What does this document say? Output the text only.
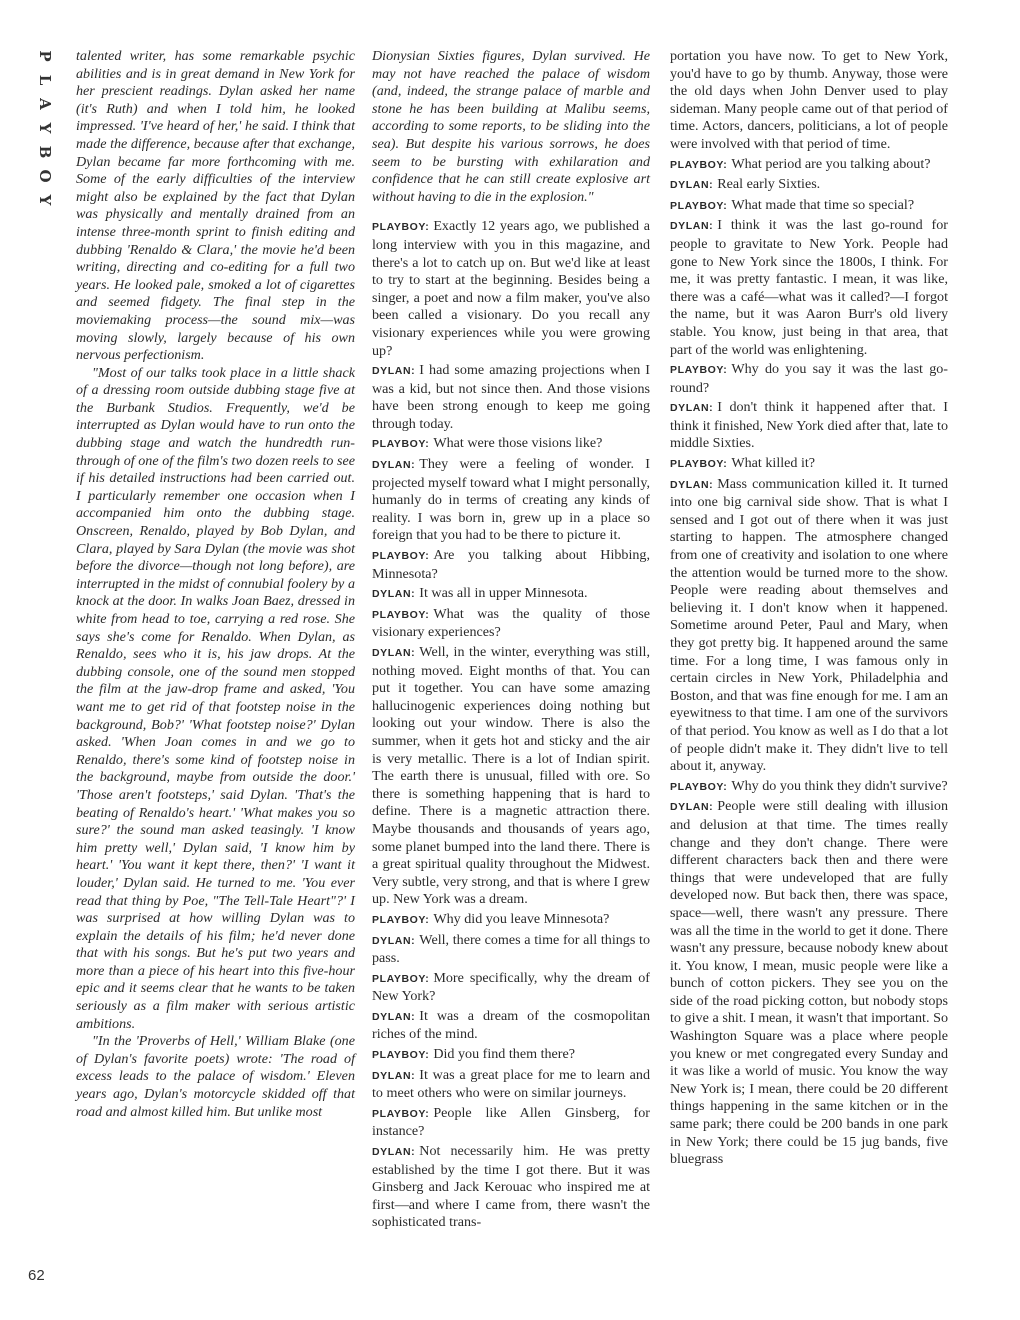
P
L
A
Y
B
O
Y
62

talented writer, has some remarkable psychic abilities and is in great demand in New York for her prescient readings. Dylan asked her name (it's Ruth) and when I told him, he looked impressed. 'I've heard of her,' he said. I think that made the difference, because after that exchange, Dylan became far more forthcoming with me. Some of the early difficulties of the interview might also be explained by the fact that Dylan was physically and mentally drained from an intense three-month sprint to finish editing and dubbing 'Renaldo & Clara,' the movie he'd been writing, directing and co-editing for a full two years. He looked pale, smoked a lot of cigarettes and seemed fidgety. The final step in the moviemaking process—the sound mix—was moving slowly, largely because of his own nervous perfectionism.

"Most of our talks took place in a little shack of a dressing room outside dubbing stage five at the Burbank Studios. Frequently, we'd be interrupted as Dylan would have to run onto the dubbing stage and watch the hundredth run-through of one of the film's two dozen reels to see if his detailed instructions had been carried out. I particularly remember one occasion when I accompanied him onto the dubbing stage. Onscreen, Renaldo, played by Bob Dylan, and Clara, played by Sara Dylan (the movie was shot before the divorce—though not long before), are interrupted in the midst of connubial foolery by a knock at the door. In walks Joan Baez, dressed in white from head to toe, carrying a red rose. She says she's come for Renaldo. When Dylan, as Renaldo, sees who it is, his jaw drops. At the dubbing console, one of the sound men stopped the film at the jaw-drop frame and asked, 'You want me to get rid of that footstep noise in the background, Bob?' 'What footstep noise?' Dylan asked. 'When Joan comes in and we go to Renaldo, there's some kind of footstep noise in the background, maybe from outside the door.' 'Those aren't footsteps,' said Dylan. 'That's the beating of Renaldo's heart.' 'What makes you so sure?' the sound man asked teasingly. 'I know him pretty well,' Dylan said, 'I know him by heart.' 'You want it kept there, then?' 'I want it louder,' Dylan said. He turned to me. 'You ever read that thing by Poe, "The Tell-Tale Heart"?' I was surprised at how willing Dylan was to explain the details of his film; he'd never done that with his songs. But he's put two years and more than a piece of his heart into this five-hour epic and it seems clear that he wants to be taken seriously as a film maker with serious artistic ambitions.

"In the 'Proverbs of Hell,' William Blake (one of Dylan's favorite poets) wrote: 'The road of excess leads to the palace of wisdom.' Eleven years ago, Dylan's motorcycle skidded off that road and almost killed him. But unlike most

Dionysian Sixties figures, Dylan survived. He may not have reached the palace of wisdom (and, indeed, the strange palace of marble and stone he has been building at Malibu seems, according to some reports, to be sliding into the sea). But despite his various sorrows, he does seem to be bursting with exhilaration and confidence that he can still create explosive art without having to die in the explosion."

PLAYBOY: Exactly 12 years ago, we published a long interview with you in this magazine, and there's a lot to catch up on. But we'd like at least to try to start at the beginning. Besides being a singer, a poet and now a film maker, you've also been called a visionary. Do you recall any visionary experiences while you were growing up?

DYLAN: I had some amazing projections when I was a kid, but not since then. And those visions have been strong enough to keep me going through today.

PLAYBOY: What were those visions like?

DYLAN: They were a feeling of wonder. I projected myself toward what I might personally, humanly do in terms of creating any kinds of reality. I was born in, grew up in a place so foreign that you had to be there to picture it.

PLAYBOY: Are you talking about Hibbing, Minnesota?

DYLAN: It was all in upper Minnesota.

PLAYBOY: What was the quality of those visionary experiences?

DYLAN: Well, in the winter, everything was still, nothing moved. Eight months of that. You can put it together. You can have some amazing hallucinogenic experiences doing nothing but looking out your window. There is also the summer, when it gets hot and sticky and the air is very metallic. There is a lot of Indian spirit. The earth there is unusual, filled with ore. So there is something happening that is hard to define. There is a magnetic attraction there. Maybe thousands and thousands of years ago, some planet bumped into the land there. There is a great spiritual quality throughout the Midwest. Very subtle, very strong, and that is where I grew up. New York was a dream.

PLAYBOY: Why did you leave Minnesota?

DYLAN: Well, there comes a time for all things to pass.

PLAYBOY: More specifically, why the dream of New York?

DYLAN: It was a dream of the cosmopolitan riches of the mind.

PLAYBOY: Did you find them there?

DYLAN: It was a great place for me to learn and to meet others who were on similar journeys.

PLAYBOY: People like Allen Ginsberg, for instance?

DYLAN: Not necessarily him. He was pretty established by the time I got there. But it was Ginsberg and Jack Kerouac who inspired me at first—and where I came from, there wasn't the sophisticated trans-

portation you have now. To get to New York, you'd have to go by thumb. Anyway, those were the old days when John Denver used to play sideman. Many people came out of that period of time. Actors, dancers, politicians, a lot of people were involved with that period of time.

PLAYBOY: What period are you talking about?

DYLAN: Real early Sixties.

PLAYBOY: What made that time so special?

DYLAN: I think it was the last go-round for people to gravitate to New York. People had gone to New York since the 1800s, I think. For me, it was pretty fantastic. I mean, it was like, there was a café—what was it called?—I forgot the name, but it was Aaron Burr's old livery stable. You know, just being in that area, that part of the world was enlightening.

PLAYBOY: Why do you say it was the last go-round?

DYLAN: I don't think it happened after that. I think it finished, New York died after that, late to middle Sixties.

PLAYBOY: What killed it?

DYLAN: Mass communication killed it. It turned into one big carnival side show. That is what I sensed and I got out of there when it was just starting to happen. The atmosphere changed from one of creativity and isolation to one where the attention would be turned more to the show. People were reading about themselves and believing it. I don't know when it happened. Sometime around Peter, Paul and Mary, when they got pretty big. It happened around the same time. For a long time, I was famous only in certain circles in New York, Philadelphia and Boston, and that was fine enough for me. I am an eyewitness to that time. I am one of the survivors of that period. You know as well as I do that a lot of people didn't make it. They didn't live to tell about it, anyway.

PLAYBOY: Why do you think they didn't survive?

DYLAN: People were still dealing with illusion and delusion at that time. The times really change and they don't change. There were different characters back then and there were things that were undeveloped that are fully developed now. But back then, there was space, space—well, there wasn't any pressure. There was all the time in the world to get it done. There wasn't any pressure, because nobody knew about it. You know, I mean, music people were like a bunch of cotton pickers. They see you on the side of the road picking cotton, but nobody stops to give a shit. I mean, it wasn't that important. So Washington Square was a place where people you knew or met congregated every Sunday and it was like a world of music. You know the way New York is; I mean, there could be 20 different things happening in the same kitchen or in the same park; there could be 200 bands in one park in New York; there could be 15 jug bands, five bluegrass
